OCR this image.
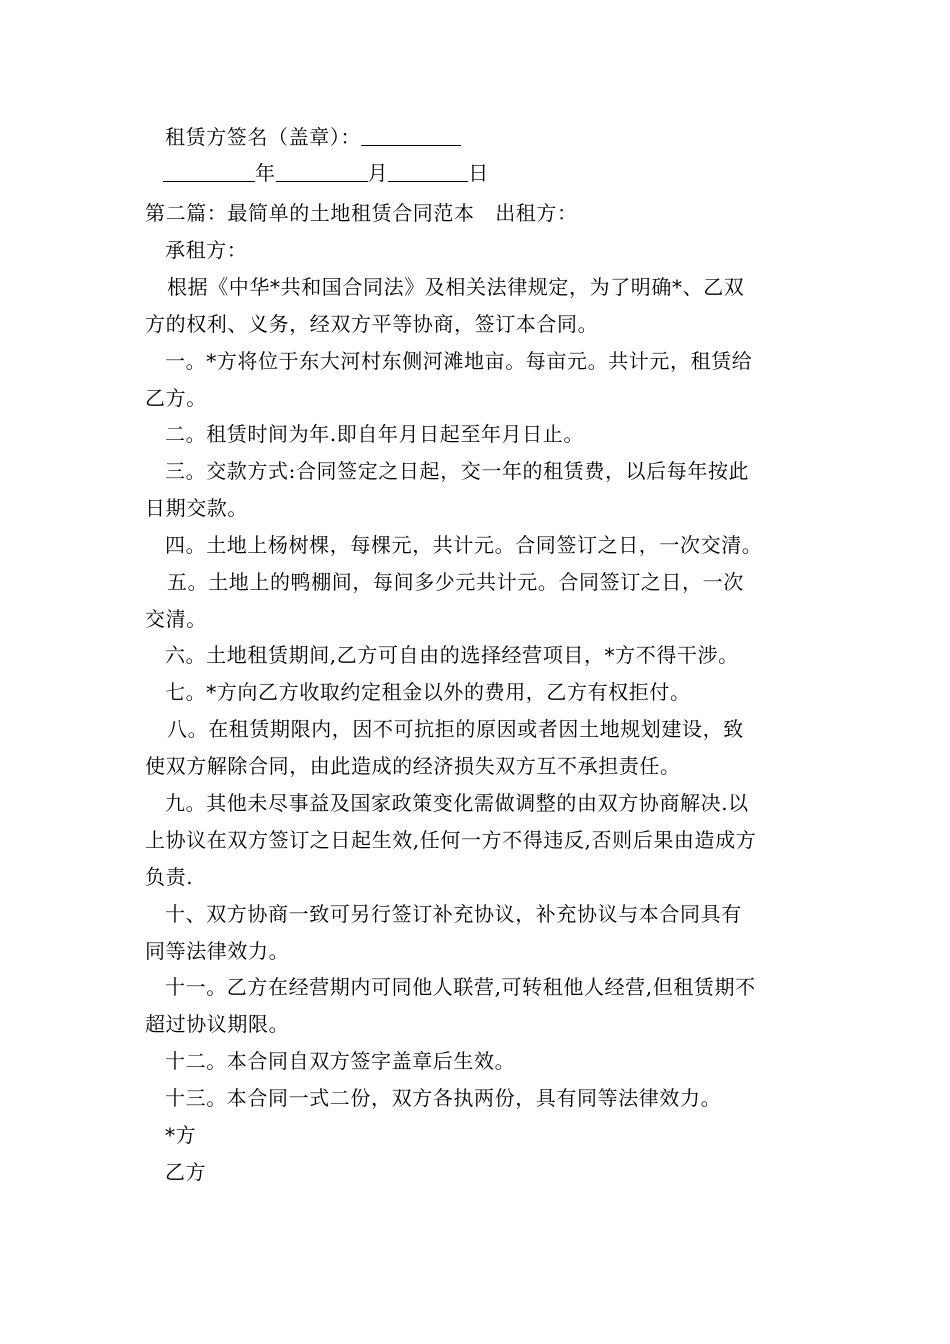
租赁方签名（盖章）：
年	月	日
第二篇：最简单的土地租赁合同范本　出租方：
承租方：
根据《中华*共和国合同法》及相关法律规定，为了明确*、乙双
方的权利、义务，经双方平等协商，签订本合同。
一。*方将位于东大河村东侧河滩地亩。每亩元。共计元，租赁给
乙方。
二。租赁时间为年.即自年月日起至年月日止。
三。交款方式:合同签定之日起，交一年的租赁费，以后每年按此
日期交款。
四。土地上杨树棵，每棵元，共计元。合同签订之日，一次交清。
五。土地上的鸭棚间，每间多少元共计元。合同签订之日，一次
交清。
六。土地租赁期间,乙方可自由的选择经营项目，*方不得干涉。
七。*方向乙方收取约定租金以外的费用，乙方有权拒付。
八。在租赁期限内，因不可抗拒的原因或者因土地规划建设，致
使双方解除合同，由此造成的经济损失双方互不承担责任。
九。其他未尽事益及国家政策变化需做调整的由双方协商解决.以
上协议在双方签订之日起生效,任何一方不得违反,否则后果由造成方
负责.
十、双方协商一致可另行签订补充协议，补充协议与本合同具有
同等法律效力。
十一。乙方在经营期内可同他人联营,可转租他人经营,但租赁期不
超过协议期限。
十二。本合同自双方签字盖章后生效。
十三。本合同一式二份，双方各执两份，具有同等法律效力。
*方
乙方
